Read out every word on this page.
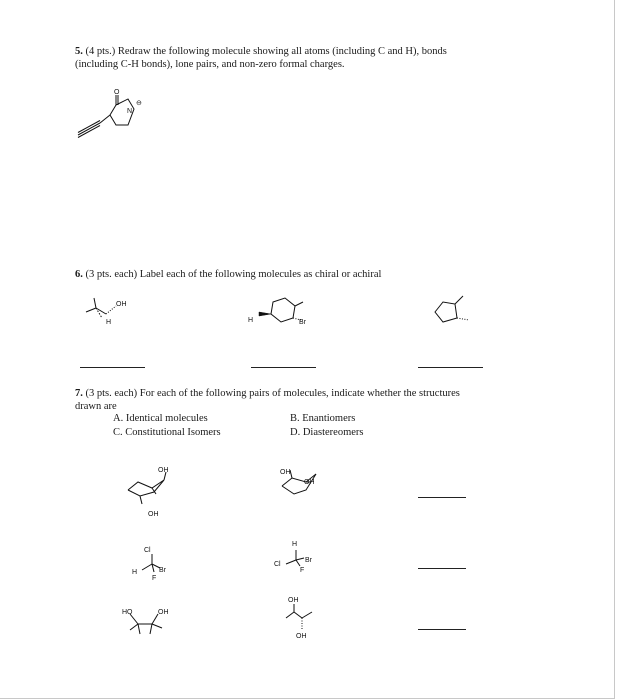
5. (4 pts.) Redraw the following molecule showing all atoms (including C and H), bonds
(including C-H bonds), lone pairs, and non-zero formal charges.
O
N
⊖
6. (3 pts. each) Label each of the following molecules as chiral or achiral
OH
H	H	Br
7. (3 pts. each) For each of the following pairs of molecules, indicate whether the structures
drawn are
A. Identical molecules	B. Enantiomers
C. Constitutional Isomers	D. Diastereomers
OH
OH
OH
OH
Cl
H	Br
F
H
Cl
Br
F
HO	OH
OH
OH
